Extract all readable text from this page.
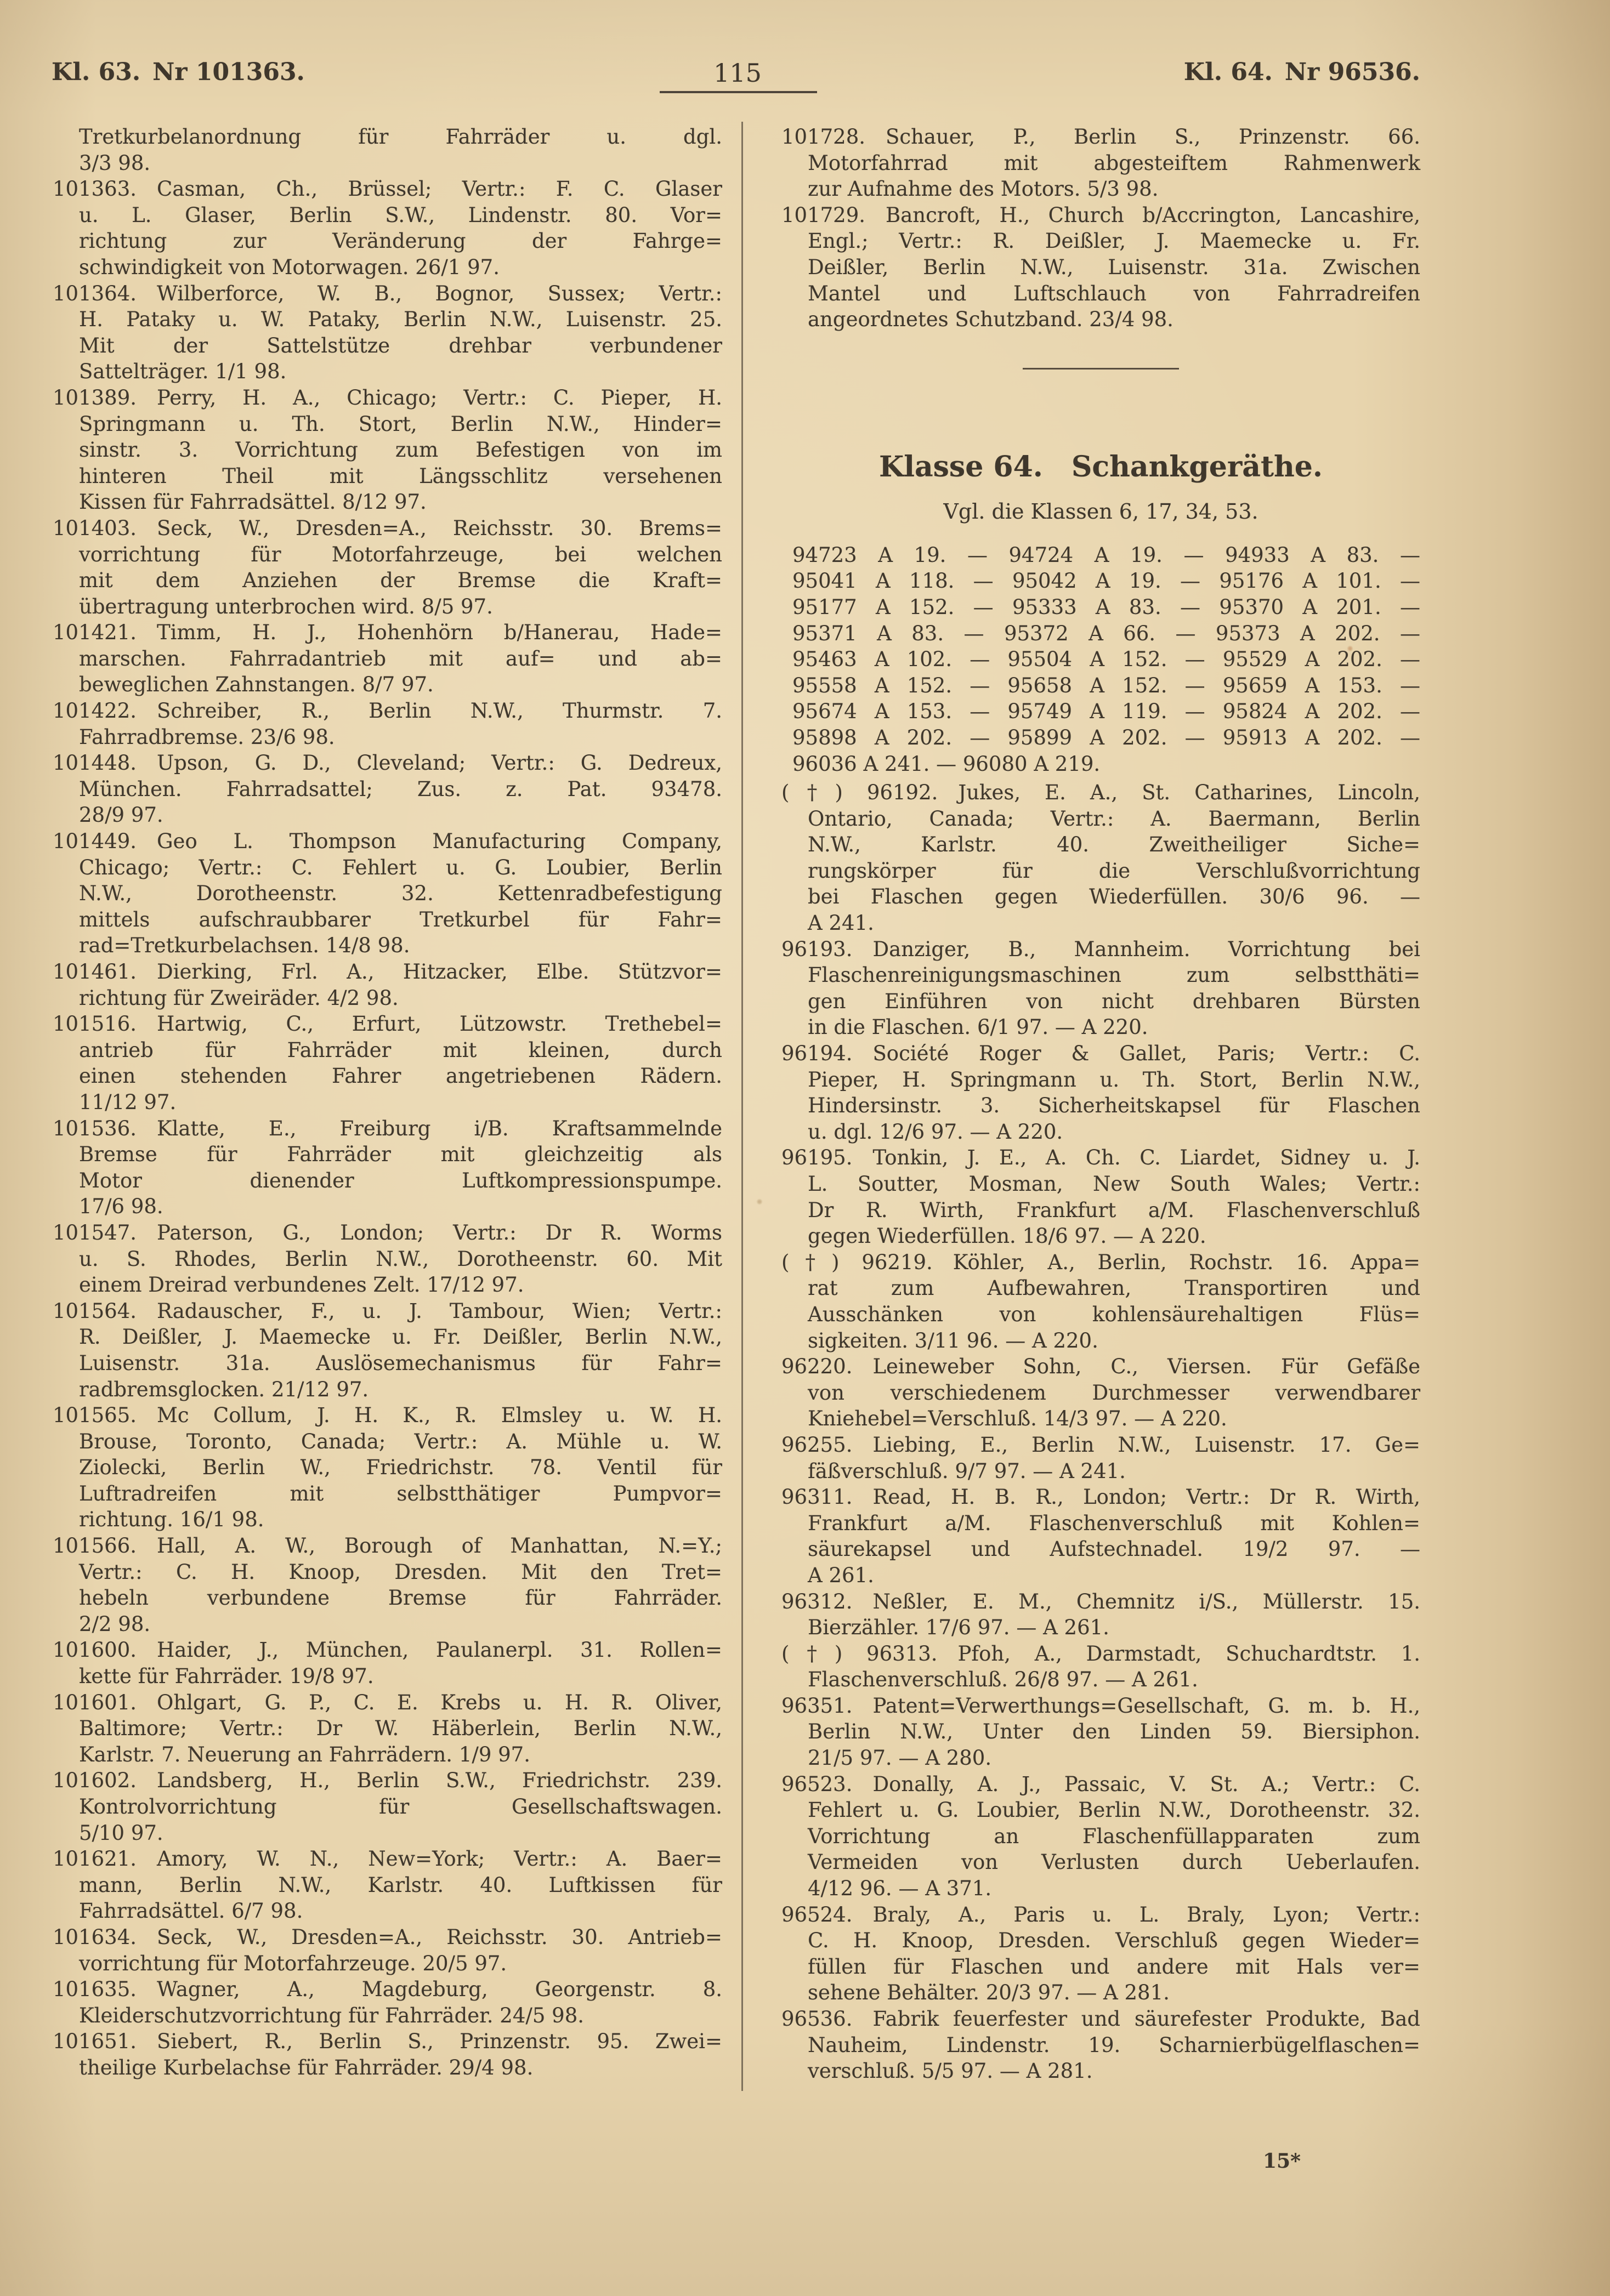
Kl. 63. Nr 101363.	115	Kl. 64. Nr 96536.
Tretkurbelanordnung für Fahrräder u. dgl.
3/3 98.
101363. Casman, Ch., Brüssel; Vertr.: F. C. Glaser
u. L. Glaser, Berlin S.W., Lindenstr. 80. Vor=
richtung zur Veränderung der Fahrge=
schwindigkeit von Motorwagen. 26/1 97.
101364. Wilberforce, W. B., Bognor, Sussex; Vertr.:
H. Pataky u. W. Pataky, Berlin N.W., Luisenstr. 25.
Mit der Sattelstütze drehbar verbundener
Sattelträger. 1/1 98.
101389. Perry, H. A., Chicago; Vertr.: C. Pieper, H.
Springmann u. Th. Stort, Berlin N.W., Hinder=
sinstr. 3. Vorrichtung zum Befestigen von im
hinteren Theil mit Längsschlitz versehenen
Kissen für Fahrradsättel. 8/12 97.
101403. Seck, W., Dresden=A., Reichsstr. 30. Brems=
vorrichtung für Motorfahrzeuge, bei welchen
mit dem Anziehen der Bremse die Kraft=
übertragung unterbrochen wird. 8/5 97.
101421. Timm, H. J., Hohenhörn b/Hanerau, Hade=
marschen. Fahrradantrieb mit auf= und ab=
beweglichen Zahnstangen. 8/7 97.
101422. Schreiber, R., Berlin N.W., Thurmstr. 7.
Fahrradbremse. 23/6 98.
101448. Upson, G. D., Cleveland; Vertr.: G. Dedreux,
München. Fahrradsattel; Zus. z. Pat. 93478.
28/9 97.
101449. Geo L. Thompson Manufacturing Company,
Chicago; Vertr.: C. Fehlert u. G. Loubier, Berlin
N.W., Dorotheenstr. 32. Kettenradbefestigung
mittels aufschraubbarer Tretkurbel für Fahr=
rad=Tretkurbelachsen. 14/8 98.
101461. Dierking, Frl. A., Hitzacker, Elbe. Stützvor=
richtung für Zweiräder. 4/2 98.
101516. Hartwig, C., Erfurt, Lützowstr. Trethebel=
antrieb für Fahrräder mit kleinen, durch
einen stehenden Fahrer angetriebenen Rädern.
11/12 97.
101536. Klatte, E., Freiburg i/B. Kraftsammelnde
Bremse für Fahrräder mit gleichzeitig als
Motor dienender Luftkompressionspumpe.
17/6 98.
101547. Paterson, G., London; Vertr.: Dr R. Worms
u. S. Rhodes, Berlin N.W., Dorotheenstr. 60. Mit
einem Dreirad verbundenes Zelt. 17/12 97.
101564. Radauscher, F., u. J. Tambour, Wien; Vertr.:
R. Deißler, J. Maemecke u. Fr. Deißler, Berlin N.W.,
Luisenstr. 31a. Auslösemechanismus für Fahr=
radbremsglocken. 21/12 97.
101565. Mc Collum, J. H. K., R. Elmsley u. W. H.
Brouse, Toronto, Canada; Vertr.: A. Mühle u. W.
Ziolecki, Berlin W., Friedrichstr. 78. Ventil für
Luftradreifen mit selbstthätiger Pumpvor=
richtung. 16/1 98.
101566. Hall, A. W., Borough of Manhattan, N.=Y.;
Vertr.: C. H. Knoop, Dresden. Mit den Tret=
hebeln verbundene Bremse für Fahrräder.
2/2 98.
101600. Haider, J., München, Paulanerpl. 31. Rollen=
kette für Fahrräder. 19/8 97.
101601. Ohlgart, G. P., C. E. Krebs u. H. R. Oliver,
Baltimore; Vertr.: Dr W. Häberlein, Berlin N.W.,
Karlstr. 7. Neuerung an Fahrrädern. 1/9 97.
101602. Landsberg, H., Berlin S.W., Friedrichstr. 239.
Kontrolvorrichtung für Gesellschaftswagen.
5/10 97.
101621. Amory, W. N., New=York; Vertr.: A. Baer=
mann, Berlin N.W., Karlstr. 40. Luftkissen für
Fahrradsättel. 6/7 98.
101634. Seck, W., Dresden=A., Reichsstr. 30. Antrieb=
vorrichtung für Motorfahrzeuge. 20/5 97.
101635. Wagner, A., Magdeburg, Georgenstr. 8.
Kleiderschutzvorrichtung für Fahrräder. 24/5 98.
101651. Siebert, R., Berlin S., Prinzenstr. 95. Zwei=
theilige Kurbelachse für Fahrräder. 29/4 98.
101728. Schauer, P., Berlin S., Prinzenstr. 66.
Motorfahrrad mit abgesteiftem Rahmenwerk
zur Aufnahme des Motors. 5/3 98.
101729. Bancroft, H., Church b/Accrington, Lancashire,
Engl.; Vertr.: R. Deißler, J. Maemecke u. Fr.
Deißler, Berlin N.W., Luisenstr. 31a. Zwischen
Mantel und Luftschlauch von Fahrradreifen
angeordnetes Schutzband. 23/4 98.
Klasse 64. Schankgeräthe.
Vgl. die Klassen 6, 17, 34, 53.
94723 A 19. — 94724 A 19. — 94933 A 83. —
95041 A 118. — 95042 A 19. — 95176 A 101. —
95177 A 152. — 95333 A 83. — 95370 A 201. —
95371 A 83. — 95372 A 66. — 95373 A 202. —
95463 A 102. — 95504 A 152. — 95529 A 202. —
95558 A 152. — 95658 A 152. — 95659 A 153. —
95674 A 153. — 95749 A 119. — 95824 A 202. —
95898 A 202. — 95899 A 202. — 95913 A 202. —
96036 A 241. — 96080 A 219.
(†) 96192. Jukes, E. A., St. Catharines, Lincoln,
Ontario, Canada; Vertr.: A. Baermann, Berlin
N.W., Karlstr. 40. Zweitheiliger Siche=
rungskörper für die Verschlußvorrichtung
bei Flaschen gegen Wiederfüllen. 30/6 96. —
A 241.
96193. Danziger, B., Mannheim. Vorrichtung bei
Flaschenreinigungsmaschinen zum selbstthäti=
gen Einführen von nicht drehbaren Bürsten
in die Flaschen. 6/1 97. — A 220.
96194. Société Roger & Gallet, Paris; Vertr.: C.
Pieper, H. Springmann u. Th. Stort, Berlin N.W.,
Hindersinstr. 3. Sicherheitskapsel für Flaschen
u. dgl. 12/6 97. — A 220.
96195. Tonkin, J. E., A. Ch. C. Liardet, Sidney u. J.
L. Soutter, Mosman, New South Wales; Vertr.:
Dr R. Wirth, Frankfurt a/M. Flaschenverschluß
gegen Wiederfüllen. 18/6 97. — A 220.
(†) 96219. Köhler, A., Berlin, Rochstr. 16. Appa=
rat zum Aufbewahren, Transportiren und
Ausschänken von kohlensäurehaltigen Flüs=
sigkeiten. 3/11 96. — A 220.
96220. Leineweber Sohn, C., Viersen. Für Gefäße
von verschiedenem Durchmesser verwendbarer
Kniehebel=Verschluß. 14/3 97. — A 220.
96255. Liebing, E., Berlin N.W., Luisenstr. 17. Ge=
fäßverschluß. 9/7 97. — A 241.
96311. Read, H. B. R., London; Vertr.: Dr R. Wirth,
Frankfurt a/M. Flaschenverschluß mit Kohlen=
säurekapsel und Aufstechnadel. 19/2 97. —
A 261.
96312. Neßler, E. M., Chemnitz i/S., Müllerstr. 15.
Bierzähler. 17/6 97. — A 261.
(†) 96313. Pfoh, A., Darmstadt, Schuchardtstr. 1.
Flaschenverschluß. 26/8 97. — A 261.
96351. Patent=Verwerthungs=Gesellschaft, G. m. b. H.,
Berlin N.W., Unter den Linden 59. Biersiphon.
21/5 97. — A 280.
96523. Donally, A. J., Passaic, V. St. A.; Vertr.: C.
Fehlert u. G. Loubier, Berlin N.W., Dorotheenstr. 32.
Vorrichtung an Flaschenfüllapparaten zum
Vermeiden von Verlusten durch Ueberlaufen.
4/12 96. — A 371.
96524. Braly, A., Paris u. L. Braly, Lyon; Vertr.:
C. H. Knoop, Dresden. Verschluß gegen Wieder=
füllen für Flaschen und andere mit Hals ver=
sehene Behälter. 20/3 97. — A 281.
96536. Fabrik feuerfester und säurefester Produkte, Bad
Nauheim, Lindenstr. 19. Scharnierbügelflaschen=
verschluß. 5/5 97. — A 281.
15*
